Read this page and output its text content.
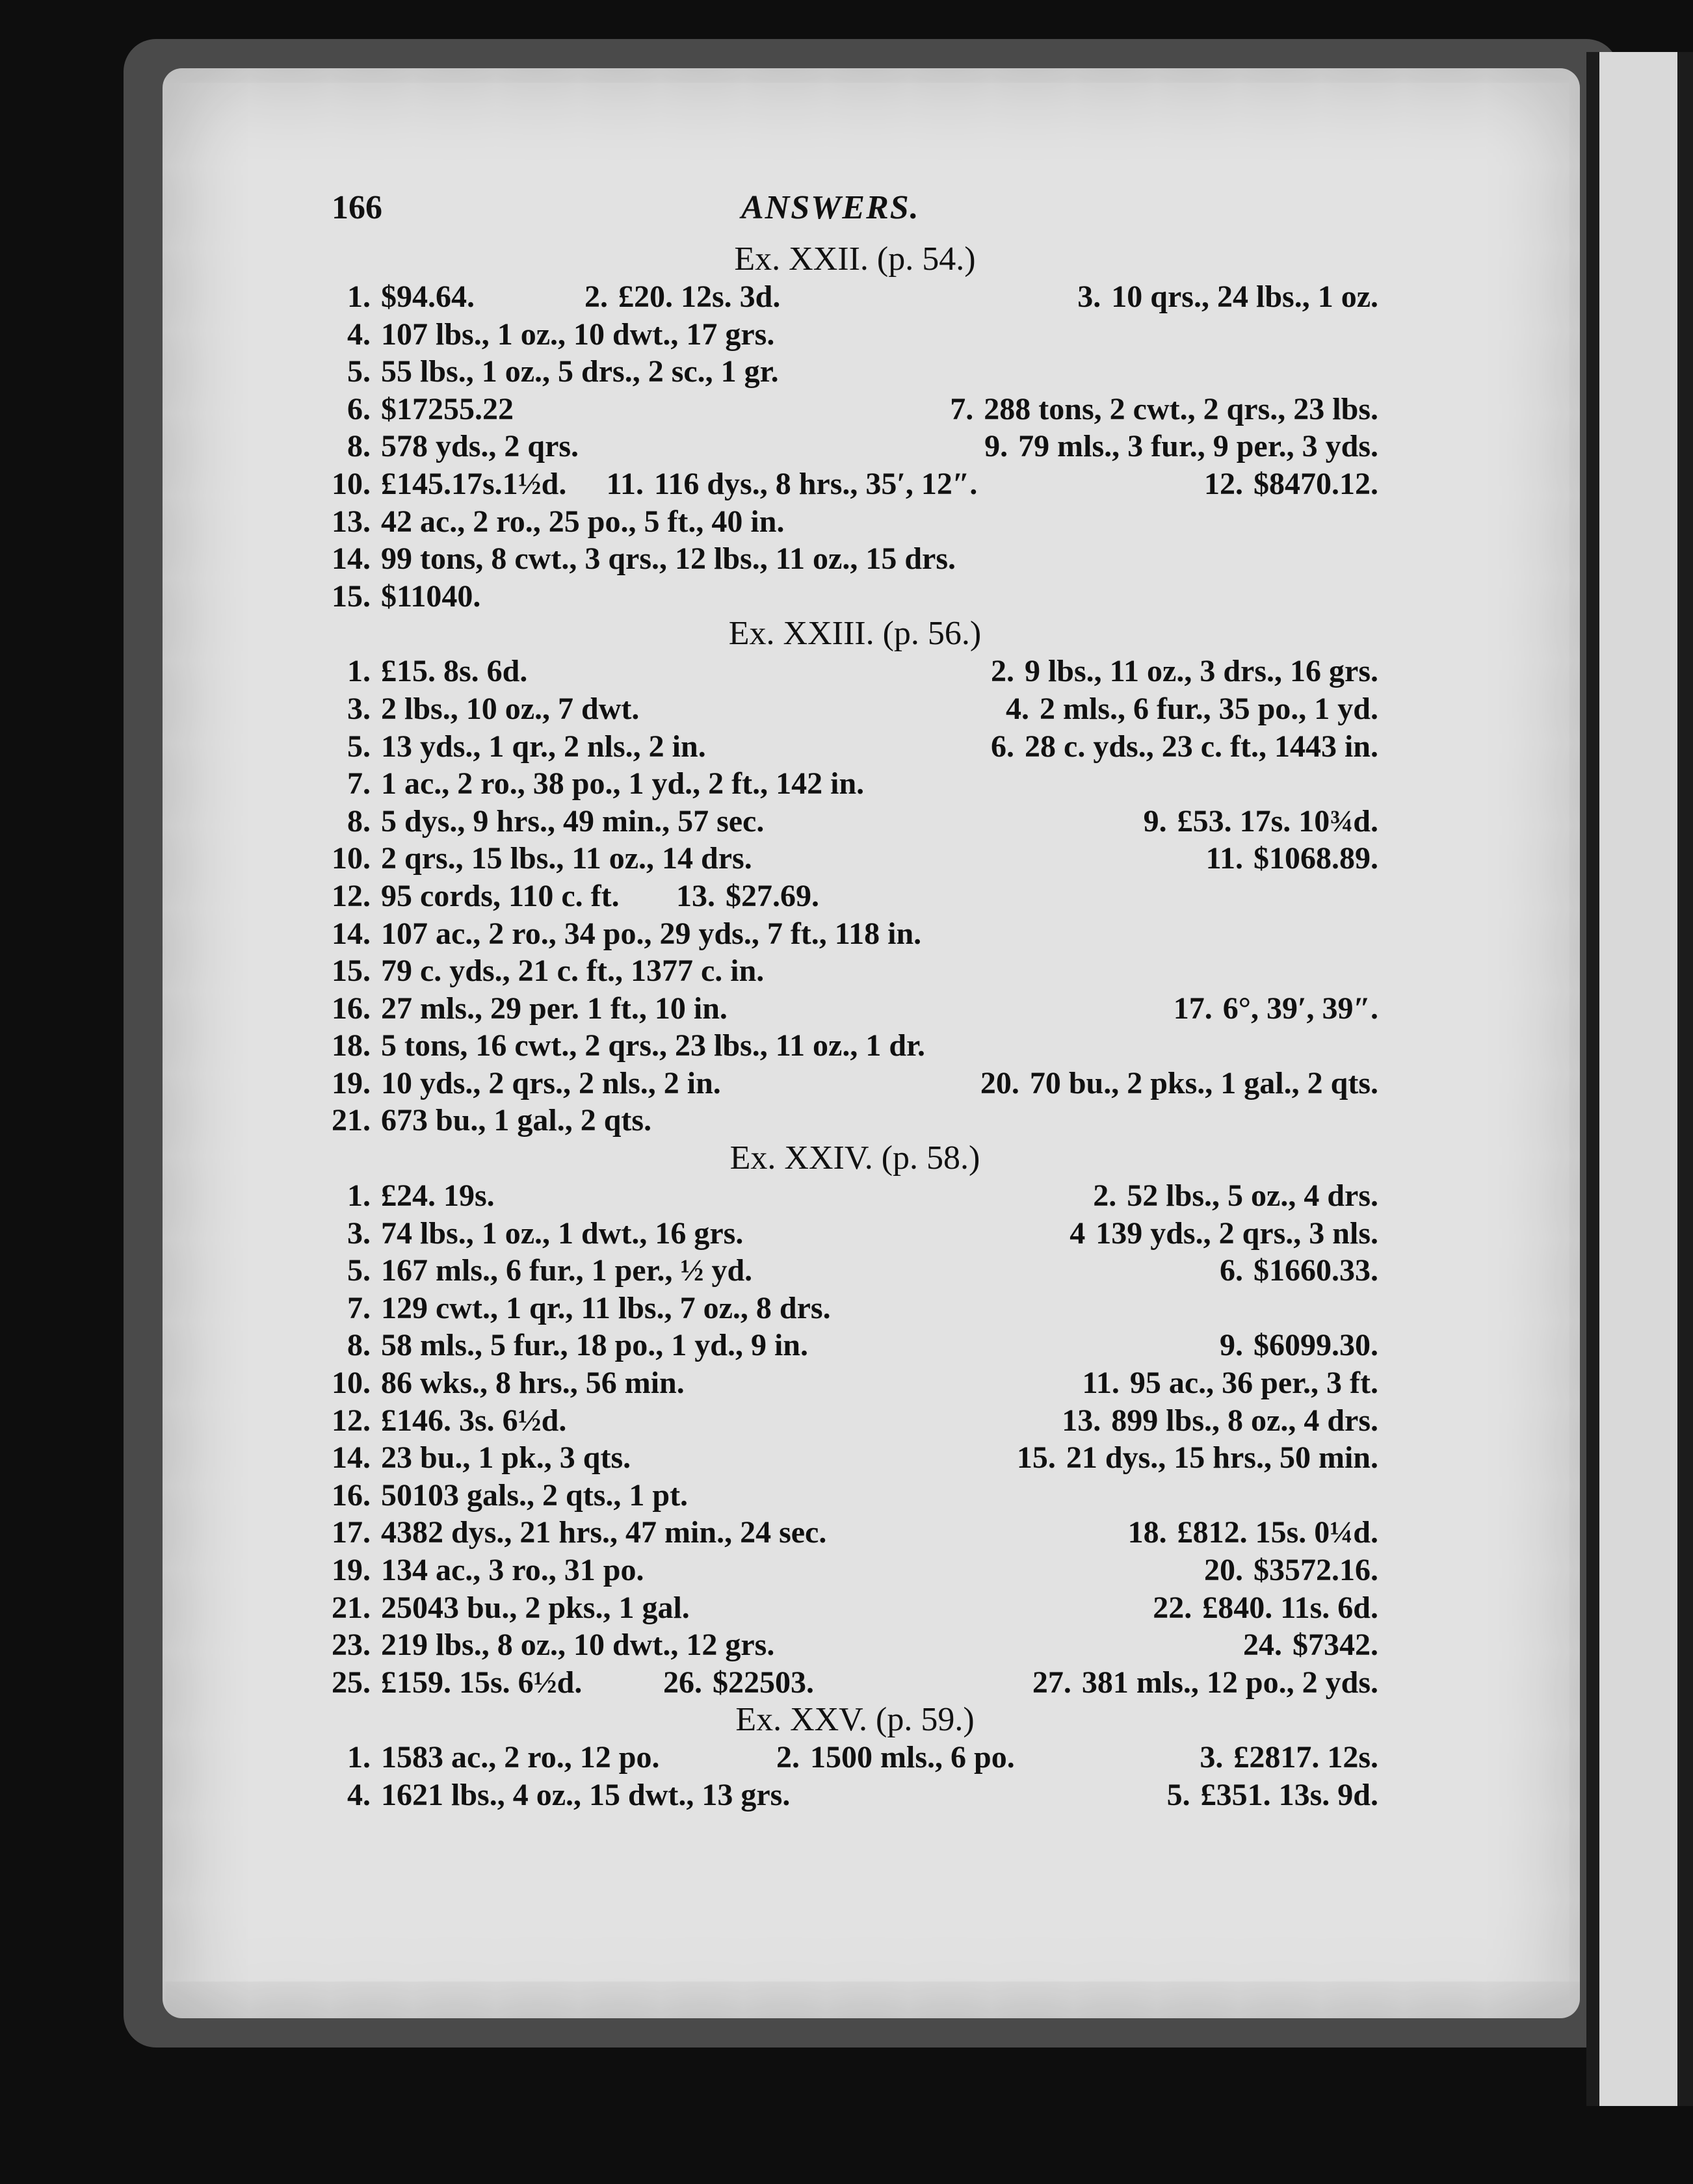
166	ANSWERS.
Ex. XXII. (p. 54.)
1. $94.64.	2. £20. 12s. 3d.	3. 10 qrs., 24 lbs., 1 oz.
4. 107 lbs., 1 oz., 10 dwt., 17 grs.
5. 55 lbs., 1 oz., 5 drs., 2 sc., 1 gr.
6. $17255.22	7. 288 tons, 2 cwt., 2 qrs., 23 lbs.
8. 578 yds., 2 qrs.	9. 79 mls., 3 fur., 9 per., 3 yds.
10. £145.17s.1½d. 11. 116 dys., 8 hrs., 35′, 12″.	12. $8470.12.
13. 42 ac., 2 ro., 25 po., 5 ft., 40 in.
14. 99 tons, 8 cwt., 3 qrs., 12 lbs., 11 oz., 15 drs.
15. $11040.
Ex. XXIII. (p. 56.)
1. £15. 8s. 6d.	2. 9 lbs., 11 oz., 3 drs., 16 grs.
3. 2 lbs., 10 oz., 7 dwt.	4. 2 mls., 6 fur., 35 po., 1 yd.
5. 13 yds., 1 qr., 2 nls., 2 in.	6. 28 c. yds., 23 c. ft., 1443 in.
7. 1 ac., 2 ro., 38 po., 1 yd., 2 ft., 142 in.
8. 5 dys., 9 hrs., 49 min., 57 sec.	9. £53. 17s. 10¾d.
10. 2 qrs., 15 lbs., 11 oz., 14 drs.	11. $1068.89.
12. 95 cords, 110 c. ft. 13. $27.69.
14. 107 ac., 2 ro., 34 po., 29 yds., 7 ft., 118 in.
15. 79 c. yds., 21 c. ft., 1377 c. in.
16. 27 mls., 29 per. 1 ft., 10 in.	17. 6°, 39′, 39″.
18. 5 tons, 16 cwt., 2 qrs., 23 lbs., 11 oz., 1 dr.
19. 10 yds., 2 qrs., 2 nls., 2 in.	20. 70 bu., 2 pks., 1 gal., 2 qts.
21. 673 bu., 1 gal., 2 qts.
Ex. XXIV. (p. 58.)
1. £24. 19s.	2. 52 lbs., 5 oz., 4 drs.
3. 74 lbs., 1 oz., 1 dwt., 16 grs.	4 139 yds., 2 qrs., 3 nls.
5. 167 mls., 6 fur., 1 per., ½ yd.	6. $1660.33.
7. 129 cwt., 1 qr., 11 lbs., 7 oz., 8 drs.
8. 58 mls., 5 fur., 18 po., 1 yd., 9 in.	9. $6099.30.
10. 86 wks., 8 hrs., 56 min.	11. 95 ac., 36 per., 3 ft.
12. £146. 3s. 6½d.	13. 899 lbs., 8 oz., 4 drs.
14. 23 bu., 1 pk., 3 qts.	15. 21 dys., 15 hrs., 50 min.
16. 50103 gals., 2 qts., 1 pt.
17. 4382 dys., 21 hrs., 47 min., 24 sec.	18. £812. 15s. 0¼d.
19. 134 ac., 3 ro., 31 po.	20. $3572.16.
21. 25043 bu., 2 pks., 1 gal.	22. £840. 11s. 6d.
23. 219 lbs., 8 oz., 10 dwt., 12 grs.	24. $7342.
25. £159. 15s. 6½d.	26. $22503.	27. 381 mls., 12 po., 2 yds.
Ex. XXV. (p. 59.)
1. 1583 ac., 2 ro., 12 po.	2. 1500 mls., 6 po.	3. £2817. 12s.
4. 1621 lbs., 4 oz., 15 dwt., 13 grs.	5. £351. 13s. 9d.
